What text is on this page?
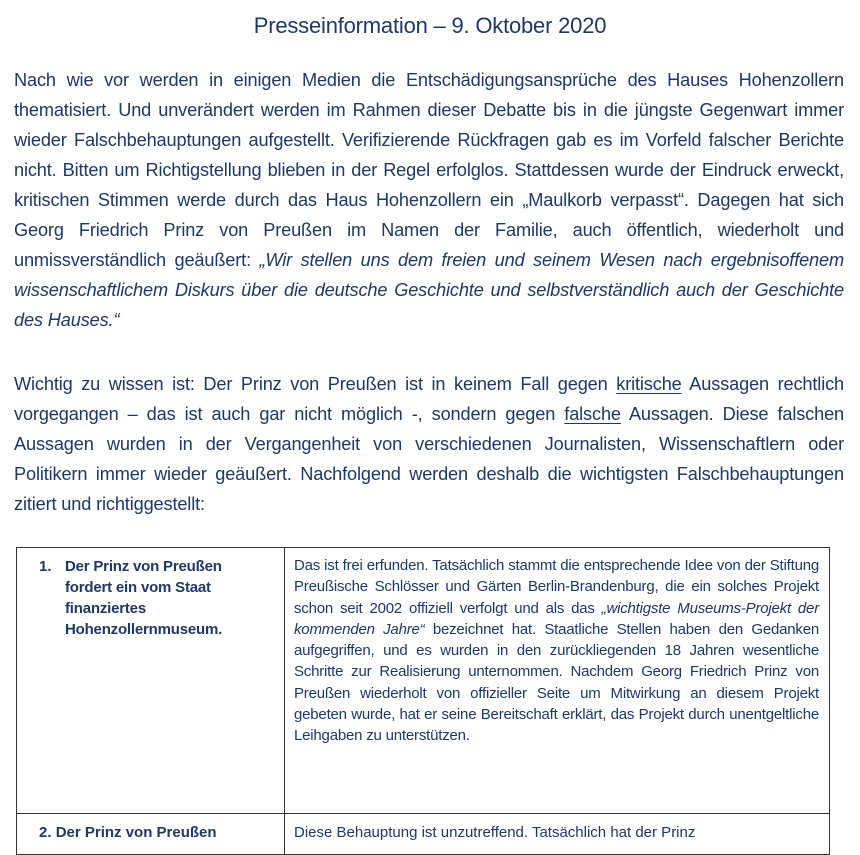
Presseinformation – 9. Oktober 2020
Nach wie vor werden in einigen Medien die Entschädigungsansprüche des Hauses Hohenzollern thematisiert. Und unverändert werden im Rahmen dieser Debatte bis in die jüngste Gegenwart immer wieder Falschbehauptungen aufgestellt. Verifizierende Rückfragen gab es im Vorfeld falscher Berichte nicht. Bitten um Richtigstellung blieben in der Regel erfolglos. Stattdessen wurde der Eindruck erweckt, kritischen Stimmen werde durch das Haus Hohenzollern ein „Maulkorb verpasst“. Dagegen hat sich Georg Friedrich Prinz von Preußen im Namen der Familie, auch öffentlich, wiederholt und unmissverständlich geäußert: „Wir stellen uns dem freien und seinem Wesen nach ergebnisoffenem wissenschaftlichem Diskurs über die deutsche Geschichte und selbstverständlich auch der Geschichte des Hauses.“
Wichtig zu wissen ist: Der Prinz von Preußen ist in keinem Fall gegen kritische Aussagen rechtlich vorgegangen – das ist auch gar nicht möglich -, sondern gegen falsche Aussagen. Diese falschen Aussagen wurden in der Vergangenheit von verschiedenen Journalisten, Wissenschaftlern oder Politikern immer wieder geäußert. Nachfolgend werden deshalb die wichtigsten Falschbehauptungen zitiert und richtiggestellt:
1. Der Prinz von Preußen fordert ein vom Staat finanziertes Hohenzollernmuseum.	Das ist frei erfunden. Tatsächlich stammt die entsprechende Idee von der Stiftung Preußische Schlösser und Gärten Berlin-Brandenburg, die ein solches Projekt schon seit 2002 offiziell verfolgt und als das „wichtigste Museums-Projekt der kommenden Jahre“ bezeichnet hat. Staatliche Stellen haben den Gedanken aufgegriffen, und es wurden in den zurückliegenden 18 Jahren wesentliche Schritte zur Realisierung unternommen. Nachdem Georg Friedrich Prinz von Preußen wiederholt von offizieller Seite um Mitwirkung an diesem Projekt gebeten wurde, hat er seine Bereitschaft erklärt, das Projekt durch unentgeltliche Leihgaben zu unterstützen.

2. Der Prinz von Preußen	Diese Behauptung ist unzutreffend. Tatsächlich hat der Prinz
